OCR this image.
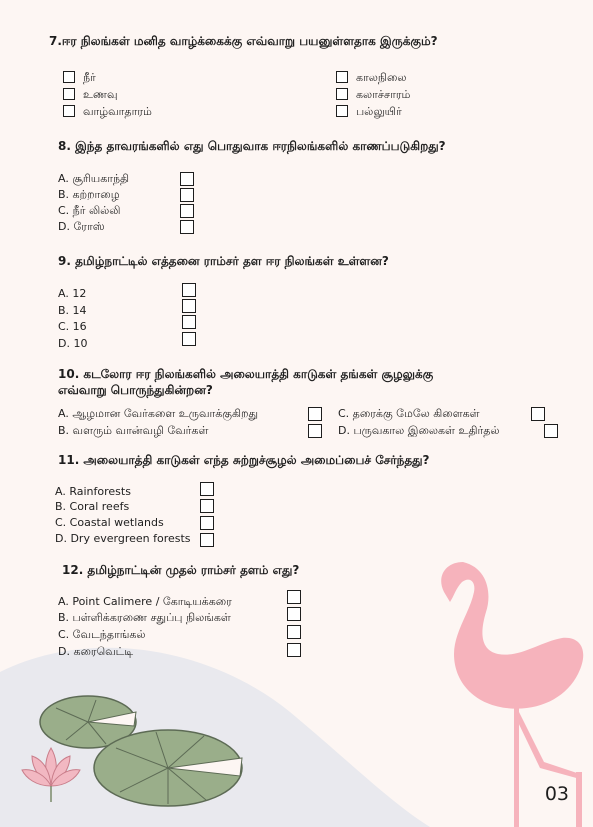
7.ஈர நிலங்கள் மனித வாழ்க்கைக்கு எவ்வாறு பயனுள்ளதாக இருக்கும்?
நீர்
உணவு
வாழ்வாதாரம்
காலநிலை
கலாச்சாரம்
பல்லுயிர்
8. இந்த தாவரங்களில் எது பொதுவாக ஈரநிலங்களில் காணப்படுகிறது?
A. சூரியகாந்தி
B. கற்றாழை
C. நீர் லில்லி
D. ரோஸ்
9. தமிழ்நாட்டில் எத்தனை ராம்சர் தள ஈர நிலங்கள் உள்ளன?
A. 12
B. 14
C. 16
D. 10
10. கடலோர ஈர நிலங்களில் அலையாத்தி காடுகள் தங்கள் சூழலுக்கு
எவ்வாறு பொருந்துகின்றன?
A. ஆழமான வேர்களை உருவாக்குகிறது
B. வளரும் வான்வழி வேர்கள்
C. தரைக்கு மேலே கிளைகள்
D. பருவகால இலைகள் உதிர்தல்
11. அலையாத்தி காடுகள் எந்த சுற்றுச்சூழல் அமைப்பைச் சேர்ந்தது?
A. Rainforests
B. Coral reefs
C. Coastal wetlands
D. Dry evergreen forests
12. தமிழ்நாட்டின் முதல் ராம்சர் தளம் எது?
A. Point Calimere / கோடியக்கரை
B. பள்ளிக்கரணை சதுப்பு நிலங்கள்
C. வேடந்தாங்கல்
D. கரைவெட்டி
03
